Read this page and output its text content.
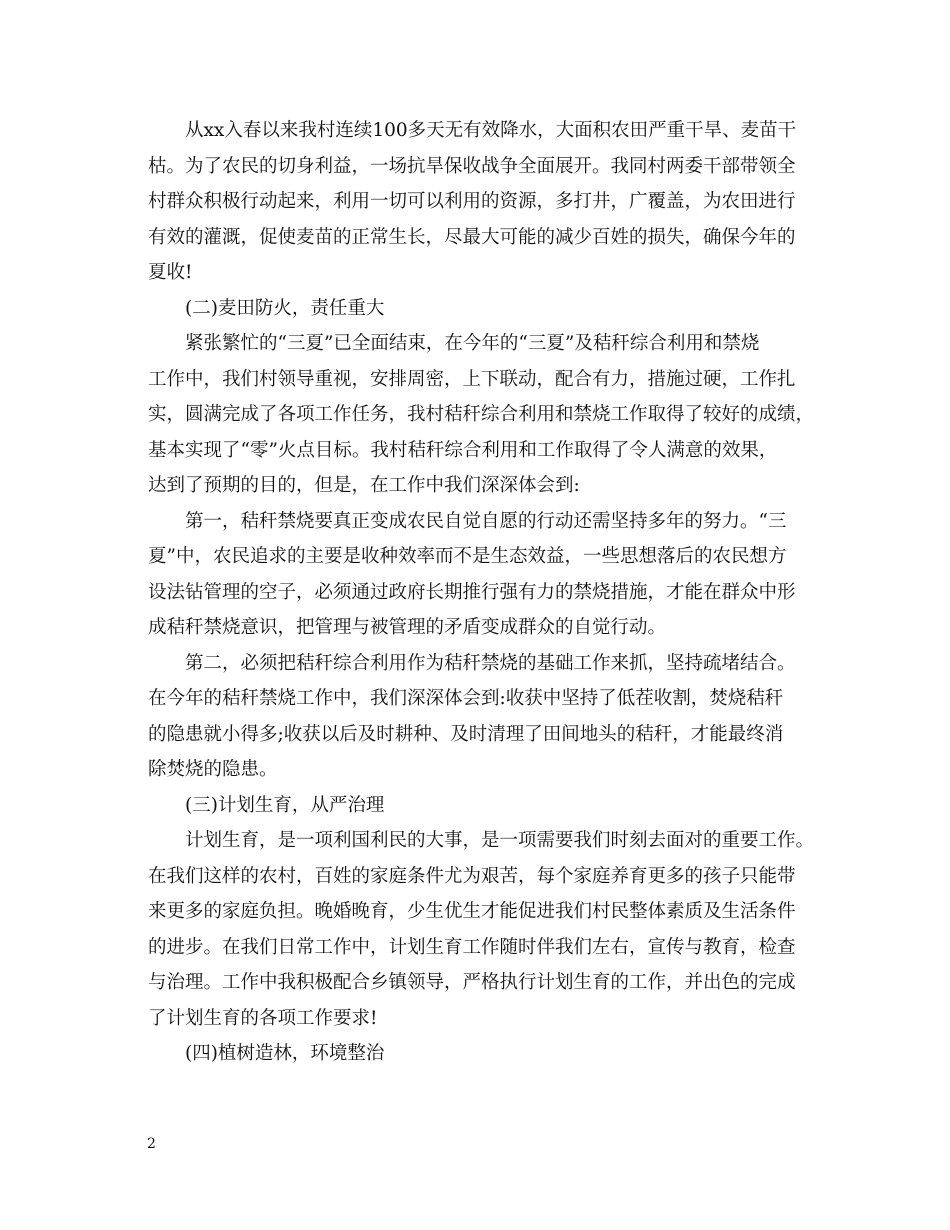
从xx入春以来我村连续100多天无有效降水，大面积农田严重干旱、麦苗干
枯。为了农民的切身利益，一场抗旱保收战争全面展开。我同村两委干部带领全
村群众积极行动起来，利用一切可以利用的资源，多打井，广覆盖，为农田进行
有效的灌溉，促使麦苗的正常生长，尽最大可能的减少百姓的损失，确保今年的
夏收!
(二)麦田防火，责任重大
紧张繁忙的“三夏”已全面结束，在今年的“三夏”及秸秆综合利用和禁烧
工作中，我们村领导重视，安排周密，上下联动，配合有力，措施过硬，工作扎
实，圆满完成了各项工作任务，我村秸秆综合利用和禁烧工作取得了较好的成绩，
基本实现了“零”火点目标。我村秸秆综合利用和工作取得了令人满意的效果，
达到了预期的目的，但是，在工作中我们深深体会到:
第一，秸秆禁烧要真正变成农民自觉自愿的行动还需坚持多年的努力。“三
夏”中，农民追求的主要是收种效率而不是生态效益，一些思想落后的农民想方
设法钻管理的空子，必须通过政府长期推行强有力的禁烧措施，才能在群众中形
成秸秆禁烧意识，把管理与被管理的矛盾变成群众的自觉行动。
第二，必须把秸秆综合利用作为秸秆禁烧的基础工作来抓，坚持疏堵结合。
在今年的秸秆禁烧工作中，我们深深体会到:收获中坚持了低茬收割，焚烧秸秆
的隐患就小得多;收获以后及时耕种、及时清理了田间地头的秸秆，才能最终消
除焚烧的隐患。
(三)计划生育，从严治理
计划生育，是一项利国利民的大事，是一项需要我们时刻去面对的重要工作。
在我们这样的农村，百姓的家庭条件尤为艰苦，每个家庭养育更多的孩子只能带
来更多的家庭负担。晚婚晚育，少生优生才能促进我们村民整体素质及生活条件
的进步。在我们日常工作中，计划生育工作随时伴我们左右，宣传与教育，检查
与治理。工作中我积极配合乡镇领导，严格执行计划生育的工作，并出色的完成
了计划生育的各项工作要求!
(四)植树造林，环境整治
2
